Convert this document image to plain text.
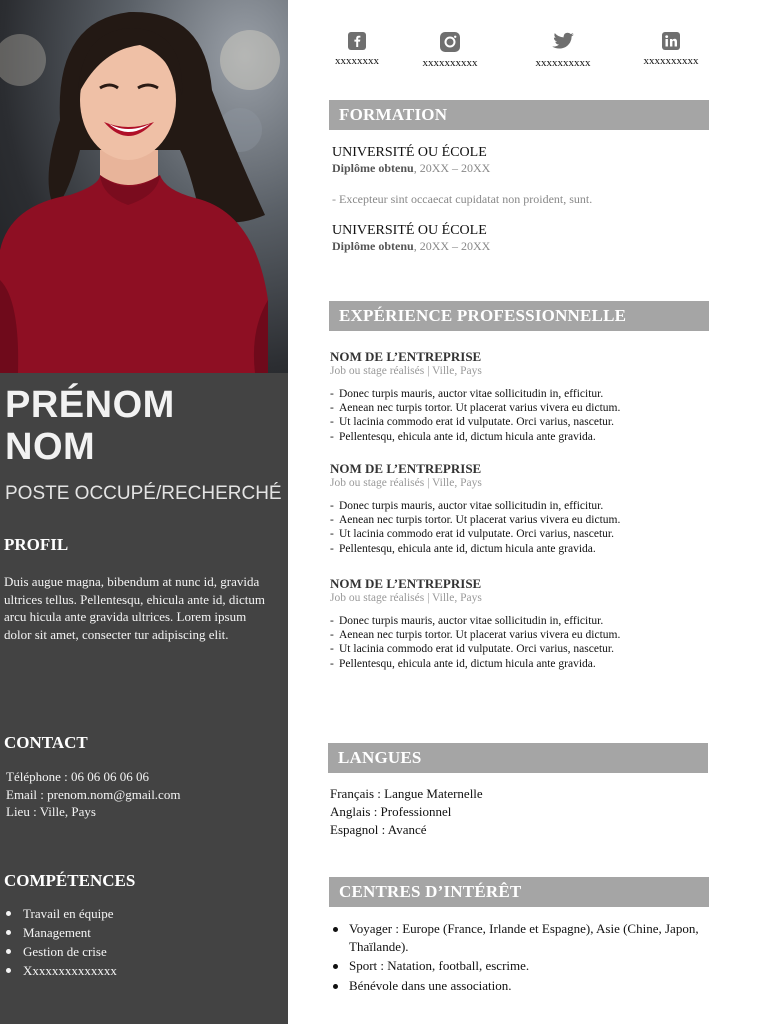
PRÉNOM
NOM
POSTE OCCUPÉ/RECHERCHÉ
PROFIL
Duis augue magna, bibendum at nunc id, gravida ultrices tellus. Pellentesqu, ehicula ante id, dictum arcu hicula ante gravida ultrices. Lorem ipsum dolor sit amet, consecter tur adipiscing elit.
CONTACT
Téléphone : 06 06 06 06 06
Email : prenom.nom@gmail.com
Lieu : Ville, Pays
COMPÉTENCES
Travail en équipe
Management
Gestion de crise
Xxxxxxxxxxxxxx
xxxxxxxx	xxxxxxxxxx	xxxxxxxxxx	xxxxxxxxxx
FORMATION
UNIVERSITÉ OU ÉCOLE
Diplôme obtenu, 20XX – 20XX
- Excepteur sint occaecat cupidatat non proident, sunt.
UNIVERSITÉ OU ÉCOLE
Diplôme obtenu, 20XX – 20XX
EXPÉRIENCE PROFESSIONNELLE
NOM DE L’ENTREPRISE
Job ou stage réalisés | Ville, Pays
- Donec turpis mauris, auctor vitae sollicitudin in, efficitur.
- Aenean nec turpis tortor. Ut placerat varius vivera eu dictum.
- Ut lacinia commodo erat id vulputate. Orci varius, nascetur.
- Pellentesqu, ehicula ante id, dictum hicula ante gravida.
NOM DE L’ENTREPRISE
Job ou stage réalisés | Ville, Pays
- Donec turpis mauris, auctor vitae sollicitudin in, efficitur.
- Aenean nec turpis tortor. Ut placerat varius vivera eu dictum.
- Ut lacinia commodo erat id vulputate. Orci varius, nascetur.
- Pellentesqu, ehicula ante id, dictum hicula ante gravida.
NOM DE L’ENTREPRISE
Job ou stage réalisés | Ville, Pays
- Donec turpis mauris, auctor vitae sollicitudin in, efficitur.
- Aenean nec turpis tortor. Ut placerat varius vivera eu dictum.
- Ut lacinia commodo erat id vulputate. Orci varius, nascetur.
- Pellentesqu, ehicula ante id, dictum hicula ante gravida.
LANGUES
Français : Langue Maternelle
Anglais : Professionnel
Espagnol : Avancé
CENTRES D’INTÉRÊT
Voyager : Europe (France, Irlande et Espagne), Asie (Chine, Japon, Thaïlande).
Sport : Natation, football, escrime.
Bénévole dans une association.
